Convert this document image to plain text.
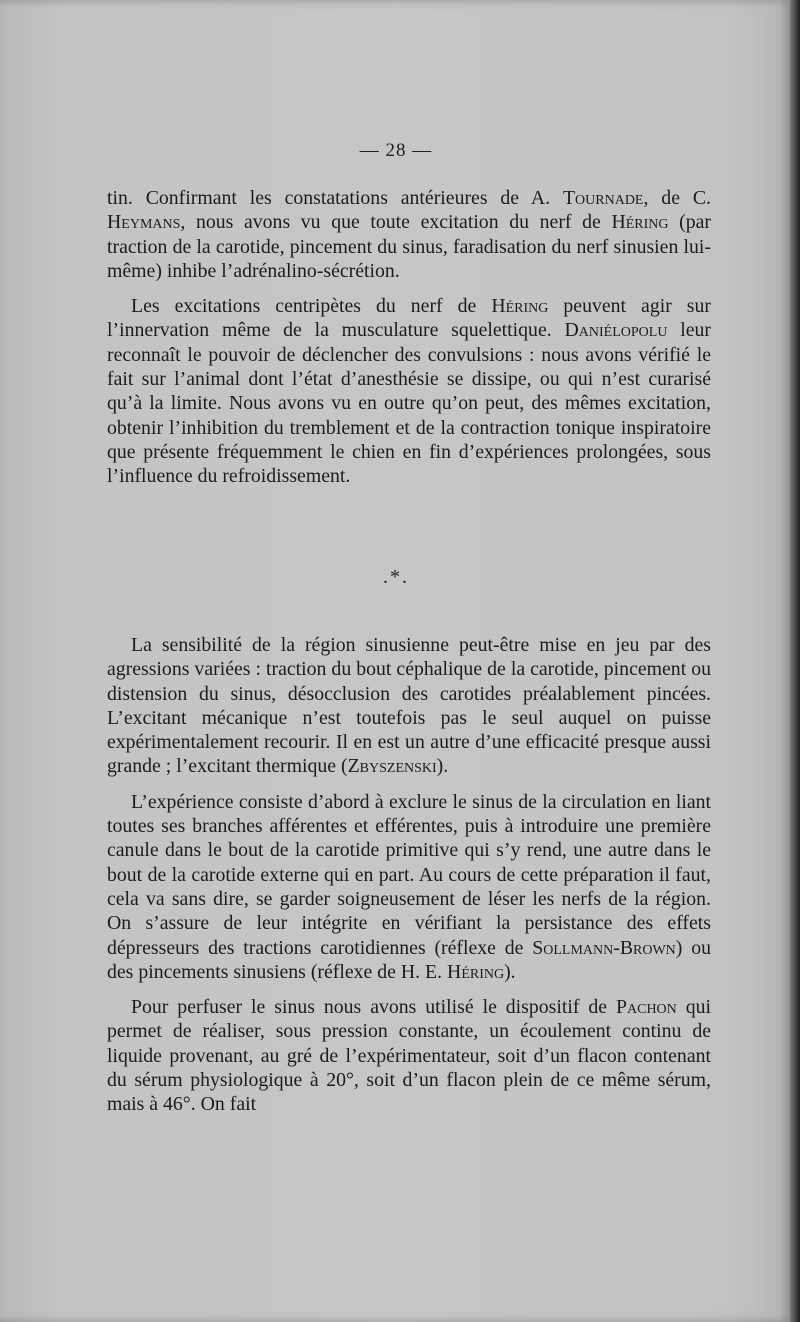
— 28 —

tin. Confirmant les constatations antérieures de A. Tournade, de C. Heymans, nous avons vu que toute excitation du nerf de Héring (par traction de la carotide, pincement du sinus, faradisation du nerf sinusien lui-même) inhibe l’adrénalino-sécrétion.

Les excitations centripètes du nerf de Héring peuvent agir sur l’innervation même de la musculature squelettique. Daniélopolu leur reconnaît le pouvoir de déclencher des convulsions : nous avons vérifié le fait sur l’animal dont l’état d’anesthésie se dissipe, ou qui n’est curarisé qu’à la limite. Nous avons vu en outre qu’on peut, des mêmes excitation, obtenir l’inhibition du tremblement et de la contraction tonique inspiratoire que présente fréquemment le chien en fin d’expériences prolongées, sous l’influence du refroidissement.

.*.

La sensibilité de la région sinusienne peut-être mise en jeu par des agressions variées : traction du bout céphalique de la carotide, pincement ou distension du sinus, désocclusion des carotides préalablement pincées. L’excitant mécanique n’est toutefois pas le seul auquel on puisse expérimentalement recourir. Il en est un autre d’une efficacité presque aussi grande ; l’excitant thermique (Zbyszenski).

L’expérience consiste d’abord à exclure le sinus de la circulation en liant toutes ses branches afférentes et efférentes, puis à introduire une première canule dans le bout de la carotide primitive qui s’y rend, une autre dans le bout de la carotide externe qui en part. Au cours de cette préparation il faut, cela va sans dire, se garder soigneusement de léser les nerfs de la région. On s’assure de leur intégrite en vérifiant la persistance des effets dépresseurs des tractions carotidiennes (réflexe de Sollmann-Brown) ou des pincements sinusiens (réflexe de H. E. Héring).

Pour perfuser le sinus nous avons utilisé le dispositif de Pachon qui permet de réaliser, sous pression constante, un écoulement continu de liquide provenant, au gré de l’expérimentateur, soit d’un flacon contenant du sérum physiologique à 20°, soit d’un flacon plein de ce même sérum, mais à 46°. On fait
